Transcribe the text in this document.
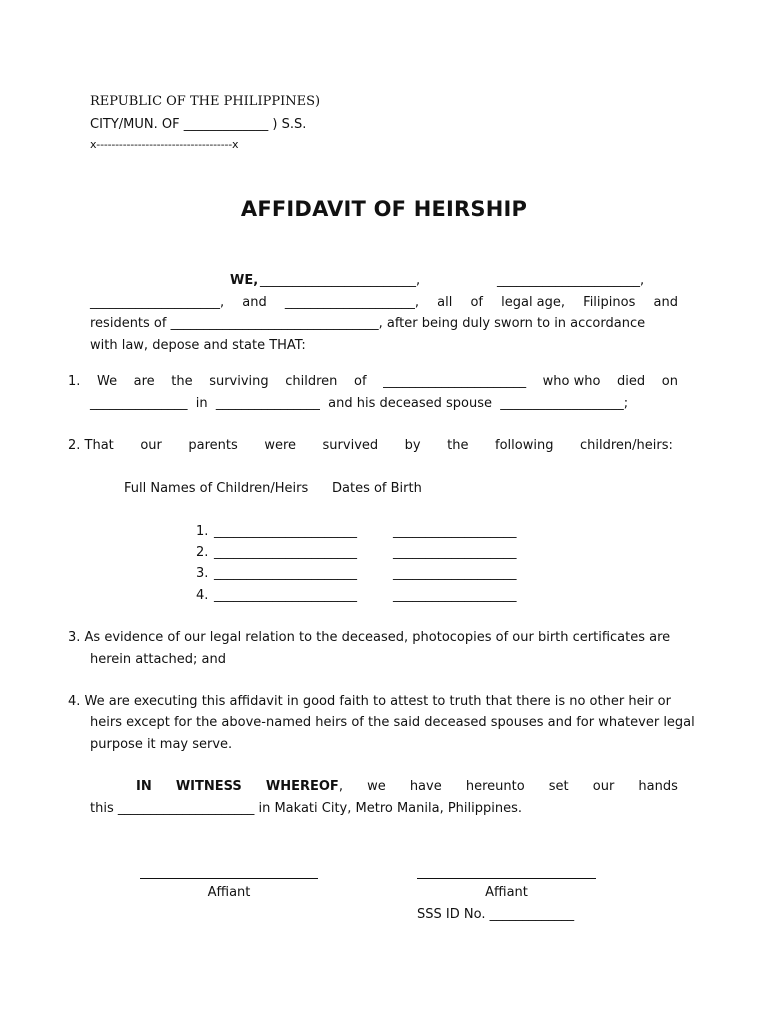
REPUBLIC OF THE PHILIPPINES)
CITY/MUN. OF _____________ ) S.S.
x------------------------------------x
AFFIDAVIT OF HEIRSHIP
WE, ________________________,	______________________,
____________________, and ____________________, all of legal age, Filipinos and
residents of ________________________________, after being duly sworn to in accordance
with law, depose and state THAT:
1. We are the surviving children of ______________________ who who died on
_______________  in  ________________  and his deceased spouse  ___________________;
2. That our parents were survived by the following children/heirs:
Full Names of Children/Heirs Dates of Birth
1. ______________________	___________________
2. ______________________	___________________
3. ______________________	___________________
4. ______________________	___________________
3. As evidence of our legal relation to the deceased, photocopies of our birth certificates are
herein attached; and
4. We are executing this affidavit in good faith to attest to truth that there is no other heir or
heirs except for the above-named heirs of the said deceased spouses and for whatever legal
purpose it may serve.
IN WITNESS WHEREOF, we have hereunto set our hands
this _____________________ in Makati City, Metro Manila, Philippines.
Affiant	Affiant
SSS ID No. _____________
